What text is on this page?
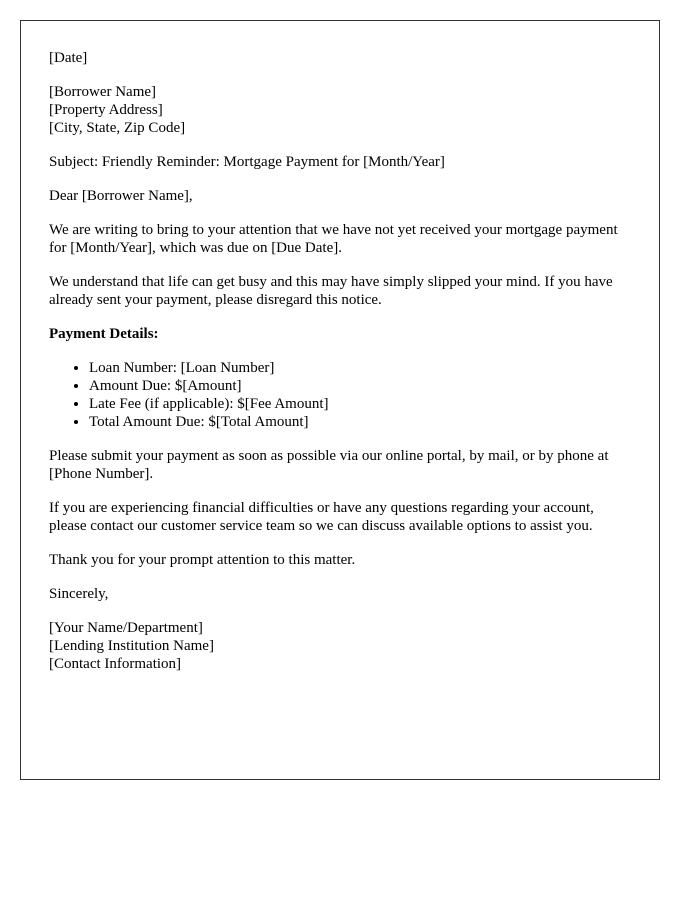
[Date]
[Borrower Name]
[Property Address]
[City, State, Zip Code]

Subject: Friendly Reminder: Mortgage Payment for [Month/Year]

Dear [Borrower Name],

We are writing to bring to your attention that we have not yet received your mortgage payment for [Month/Year], which was due on [Due Date].

We understand that life can get busy and this may have simply slipped your mind. If you have already sent your payment, please disregard this notice.

Payment Details:

• Loan Number: [Loan Number]
• Amount Due: $[Amount]
• Late Fee (if applicable): $[Fee Amount]
• Total Amount Due: $[Total Amount]

Please submit your payment as soon as possible via our online portal, by mail, or by phone at [Phone Number].

If you are experiencing financial difficulties or have any questions regarding your account, please contact our customer service team so we can discuss available options to assist you.

Thank you for your prompt attention to this matter.

Sincerely,

[Your Name/Department]
[Lending Institution Name]
[Contact Information]
